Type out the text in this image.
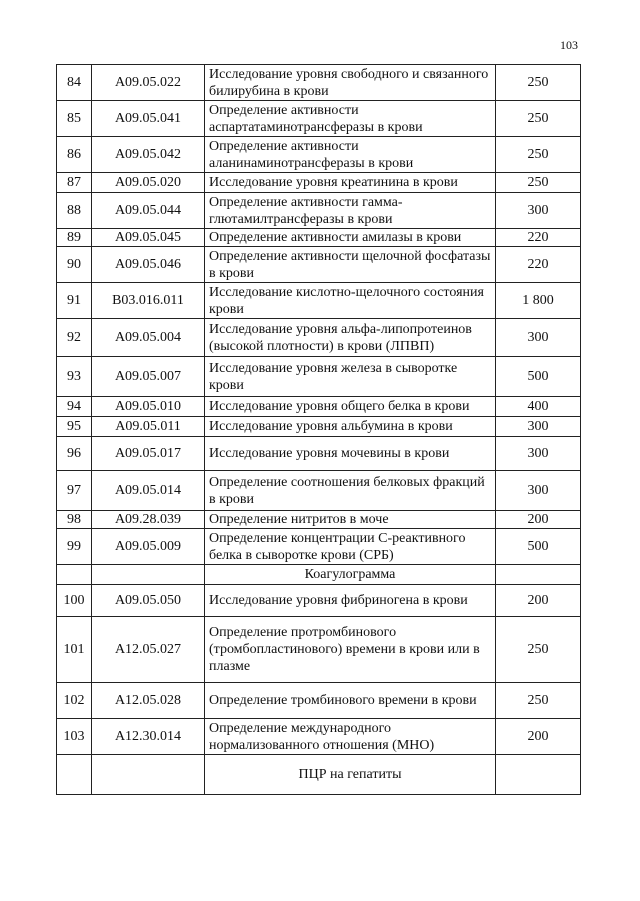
103
84	A09.05.022	Исследование уровня свободного и связанного билирубина в крови	250
85	A09.05.041	Определение активности аспартатаминотрансферазы в крови	250
86	A09.05.042	Определение активности аланинаминотрансферазы в крови	250
87	A09.05.020	Исследование уровня креатинина в крови	250
88	A09.05.044	Определение активности гамма-глютамилтрансферазы в крови	300
89	A09.05.045	Определение активности амилазы в крови	220
90	A09.05.046	Определение активности щелочной фосфатазы в крови	220
91	B03.016.011	Исследование кислотно-щелочного состояния крови	1 800
92	A09.05.004	Исследование уровня альфа-липопротеинов (высокой плотности) в крови (ЛПВП)	300
93	A09.05.007	Исследование уровня железа в сыворотке крови	500
94	A09.05.010	Исследование уровня общего белка в крови	400
95	A09.05.011	Исследование уровня альбумина в крови	300
96	A09.05.017	Исследование уровня мочевины в крови	300
97	A09.05.014	Определение соотношения белковых фракций в крови	300
98	A09.28.039	Определение нитритов в моче	200
99	A09.05.009	Определение концентрации С-реактивного белка в сыворотке крови (СРБ)	500
		Коагулограмма	
100	A09.05.050	Исследование уровня фибриногена в крови	200
101	A12.05.027	Определение протромбинового (тромбопластинового) времени в крови или в плазме	250
102	A12.05.028	Определение тромбинового времени в крови	250
103	A12.30.014	Определение международного нормализованного отношения (МНО)	200
		ПЦР на гепатиты	
